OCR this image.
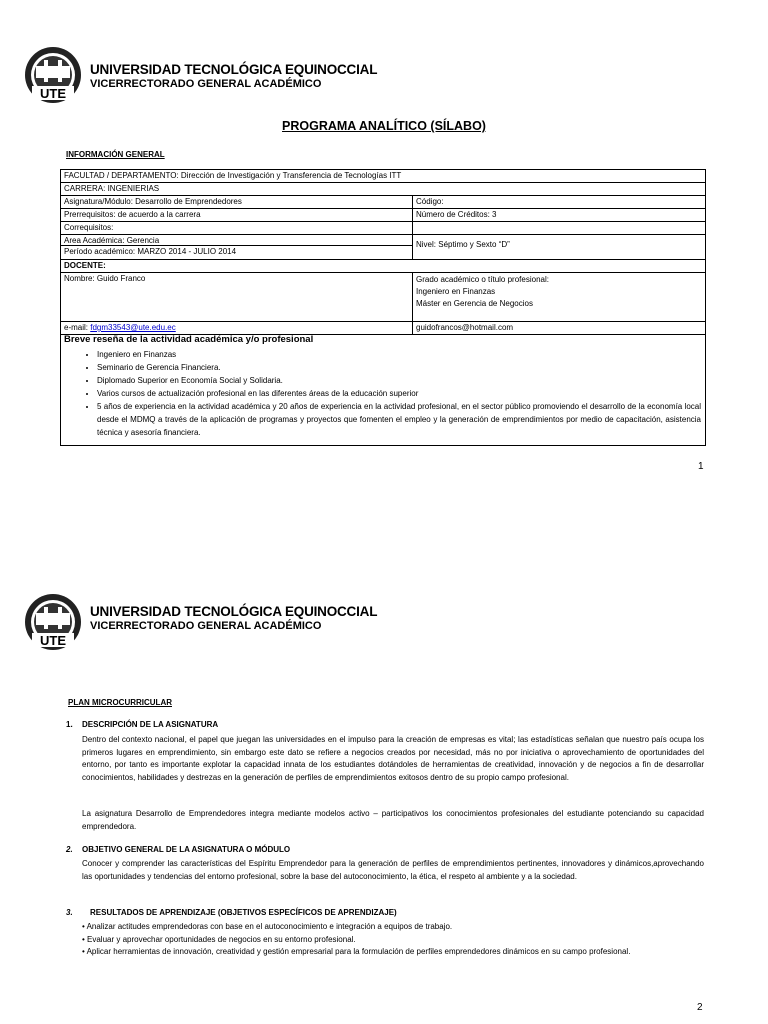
UTE
UNIVERSIDAD TECNOLÓGICA EQUINOCCIAL
VICERRECTORADO GENERAL ACADÉMICO
PROGRAMA ANALÍTICO (SÍLABO)
INFORMACIÓN GENERAL
FACULTAD / DEPARTAMENTO: Dirección de Investigación y Transferencia de Tecnologías ITT
CARRERA: INGENIERIAS
Asignatura/Módulo: Desarrollo de Emprendedores	Código:
Prerrequisitos: de acuerdo a la carrera	Número de Créditos: 3
Correquisitos:
Area Académica: Gerencia
Período académico: MARZO 2014 - JULIO 2014
Nivel: Séptimo y Sexto “D”
DOCENTE:
Nombre: Guido Franco	Grado académico o título profesional:
Ingeniero en Finanzas
Máster en Gerencia de Negocios
e-mail: fdgm33543@ute.edu.ec	guidofrancos@hotmail.com
Breve reseña de la actividad académica y/o profesional
• Ingeniero en Finanzas
• Seminario de Gerencia Financiera.
• Diplomado Superior en Economía Social y Solidaria.
• Varios cursos de actualización profesional en las diferentes áreas de la educación superior
• 5 años de experiencia en la actividad académica y 20 años de experiencia en la actividad profesional, en el sector público promoviendo el desarrollo de la economía local desde el MDMQ a través de la aplicación de programas y proyectos que fomenten el empleo y la generación de emprendimientos por medio de capacitación, asistencia técnica y asesoría financiera.
1
UTE
UNIVERSIDAD TECNOLÓGICA EQUINOCCIAL
VICERRECTORADO GENERAL ACADÉMICO
PLAN MICROCURRICULAR
1. DESCRIPCIÓN DE LA ASIGNATURA
Dentro del contexto nacional, el papel que juegan las universidades en el impulso para la creación de empresas es vital; las estadísticas señalan que nuestro país ocupa los primeros lugares en emprendimiento, sin embargo este dato se refiere a negocios creados por necesidad, más no por iniciativa o aprovechamiento de oportunidades del entorno, por tanto es importante explotar la capacidad innata de los estudiantes dotándoles de herramientas de creatividad, innovación y de negocios a fin de desarrollar conocimientos, habilidades y destrezas en la generación de perfiles de emprendimientos exitosos dentro de su propio campo profesional.
La asignatura Desarrollo de Emprendedores integra mediante modelos activo – participativos los conocimientos profesionales del estudiante potenciando su capacidad emprendedora.
2. OBJETIVO GENERAL DE LA ASIGNATURA O MÓDULO
Conocer y comprender las características del Espíritu Emprendedor para la generación de perfiles de emprendimientos pertinentes, innovadores y dinámicos,aprovechando las oportunidades y tendencias del entorno profesional, sobre la base del autoconocimiento, la ética, el respeto al ambiente y a la sociedad.
3. RESULTADOS DE APRENDIZAJE (OBJETIVOS ESPECÍFICOS DE APRENDIZAJE)
• Analizar actitudes emprendedoras con base en el autoconocimiento e integración a equipos de trabajo.
• Evaluar y aprovechar oportunidades de negocios en su entorno profesional.
• Aplicar herramientas de innovación, creatividad y gestión empresarial para la formulación de perfiles emprendedores dinámicos en su campo profesional.
2
